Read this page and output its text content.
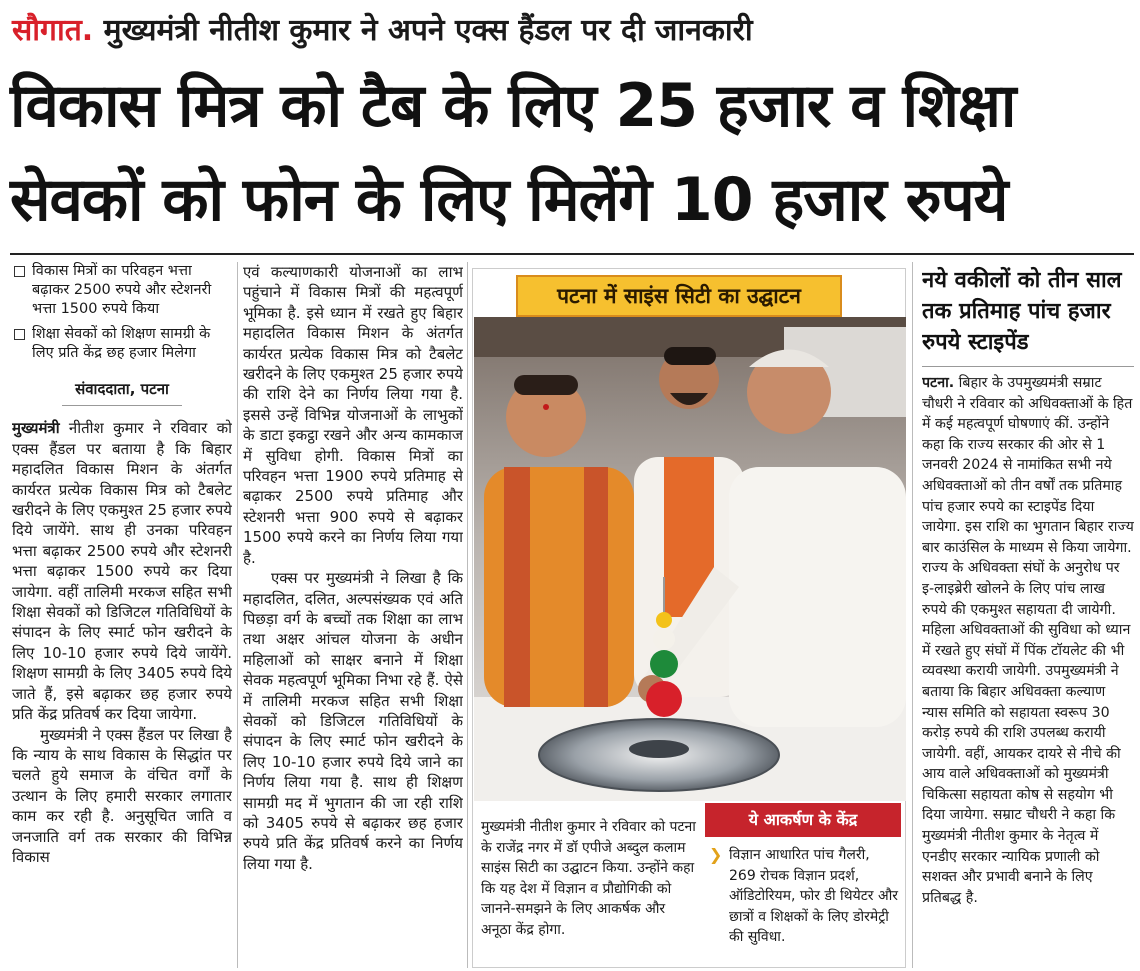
सौगात. मुख्यमंत्री नीतीश कुमार ने अपने एक्स हैंडल पर दी जानकारी
विकास मित्र को टैब के लिए 25 हजार व शिक्षा
सेवकों को फोन के लिए मिलेंगे 10 हजार रुपये
विकास मित्रों का परिवहन भत्ता बढ़ाकर 2500 रुपये और स्टेशनरी भत्ता 1500 रुपये किया
शिक्षा सेवकों को शिक्षण सामग्री के लिए प्रति केंद्र छह हजार मिलेगा
संवाददाता, पटना

मुख्यमंत्री नीतीश कुमार ने रविवार को एक्स हैंडल पर बताया है कि बिहार महादलित विकास मिशन के अंतर्गत कार्यरत प्रत्येक विकास मित्र को टैबलेट खरीदने के लिए एकमुश्त 25 हजार रुपये दिये जायेंगे. साथ ही उनका परिवहन भत्ता बढ़ाकर 2500 रुपये और स्टेशनरी भत्ता बढ़ाकर 1500 रुपये कर दिया जायेगा. वहीं तालिमी मरकज सहित सभी शिक्षा सेवकों को डिजिटल गतिविधियों के संपादन के लिए स्मार्ट फोन खरीदने के लिए 10-10 हजार रुपये दिये जायेंगे. शिक्षण सामग्री के लिए 3405 रुपये दिये जाते हैं, इसे बढ़ाकर छह हजार रुपये प्रति केंद्र प्रतिवर्ष कर दिया जायेगा.

मुख्यमंत्री ने एक्स हैंडल पर लिखा है कि न्याय के साथ विकास के सिद्धांत पर चलते हुये समाज के वंचित वर्गों के उत्थान के लिए हमारी सरकार लगातार काम कर रही है. अनुसूचित जाति व जनजाति वर्ग तक सरकार की विभिन्न विकास

एवं कल्याणकारी योजनाओं का लाभ पहुंचाने में विकास मित्रों की महत्वपूर्ण भूमिका है. इसे ध्यान में रखते हुए बिहार महादलित विकास मिशन के अंतर्गत कार्यरत प्रत्येक विकास मित्र को टैबलेट खरीदने के लिए एकमुश्त 25 हजार रुपये की राशि देने का निर्णय लिया गया है. इससे उन्हें विभिन्न योजनाओं के लाभुकों के डाटा इकट्ठा रखने और अन्य कामकाज में सुविधा होगी. विकास मित्रों का परिवहन भत्ता 1900 रुपये प्रतिमाह से बढ़ाकर 2500 रुपये प्रतिमाह और स्टेशनरी भत्ता 900 रुपये से बढ़ाकर 1500 रुपये करने का निर्णय लिया गया है.

एक्स पर मुख्यमंत्री ने लिखा है कि महादलित, दलित, अल्पसंख्यक एवं अति पिछड़ा वर्ग के बच्चों तक शिक्षा का लाभ तथा अक्षर आंचल योजना के अधीन महिलाओं को साक्षर बनाने में शिक्षा सेवक महत्वपूर्ण भूमिका निभा रहे हैं. ऐसे में तालिमी मरकज सहित सभी शिक्षा सेवकों को डिजिटल गतिविधियों के संपादन के लिए स्मार्ट फोन खरीदने के लिए 10-10 हजार रुपये दिये जाने का निर्णय लिया गया है. साथ ही शिक्षण सामग्री मद में भुगतान की जा रही राशि को 3405 रुपये से बढ़ाकर छह हजार रुपये प्रति केंद्र प्रतिवर्ष करने का निर्णय लिया गया है.

पटना में साइंस सिटी का उद्घाटन
मुख्यमंत्री नीतीश कुमार ने रविवार को पटना के राजेंद्र नगर में डॉ एपीजे अब्दुल कलाम साइंस सिटी का उद्घाटन किया. उन्होंने कहा कि यह देश में विज्ञान व प्रौद्योगिकी को जानने-समझने के लिए आकर्षक और अनूठा केंद्र होगा.
ये आकर्षण के केंद्र
❯ विज्ञान आधारित पांच गैलरी, 269 रोचक विज्ञान प्रदर्श, ऑडिटोरियम, फोर डी थियेटर और छात्रों व शिक्षकों के लिए डोरमेट्री की सुविधा.
नये वकीलों को तीन साल तक प्रतिमाह पांच हजार रुपये स्टाइपेंड
पटना. बिहार के उपमुख्यमंत्री सम्राट चौधरी ने रविवार को अधिवक्ताओं के हित में कई महत्वपूर्ण घोषणाएं कीं. उन्होंने कहा कि राज्य सरकार की ओर से 1 जनवरी 2024 से नामांकित सभी नये अधिवक्ताओं को तीन वर्षों तक प्रतिमाह पांच हजार रुपये का स्टाइपेंड दिया जायेगा. इस राशि का भुगतान बिहार राज्य बार काउंसिल के माध्यम से किया जायेगा. राज्य के अधिवक्ता संघों के अनुरोध पर इ-लाइब्रेरी खोलने के लिए पांच लाख रुपये की एकमुश्त सहायता दी जायेगी. महिला अधिवक्ताओं की सुविधा को ध्यान में रखते हुए संघों में पिंक टॉयलेट की भी व्यवस्था करायी जायेगी. उपमुख्यमंत्री ने बताया कि बिहार अधिवक्ता कल्याण न्यास समिति को सहायता स्वरूप 30 करोड़ रुपये की राशि उपलब्ध करायी जायेगी. वहीं, आयकर दायरे से नीचे की आय वाले अधिवक्ताओं को मुख्यमंत्री चिकित्सा सहायता कोष से सहयोग भी दिया जायेगा. सम्राट चौधरी ने कहा कि मुख्यमंत्री नीतीश कुमार के नेतृत्व में एनडीए सरकार न्यायिक प्रणाली को सशक्त और प्रभावी बनाने के लिए प्रतिबद्ध है.
